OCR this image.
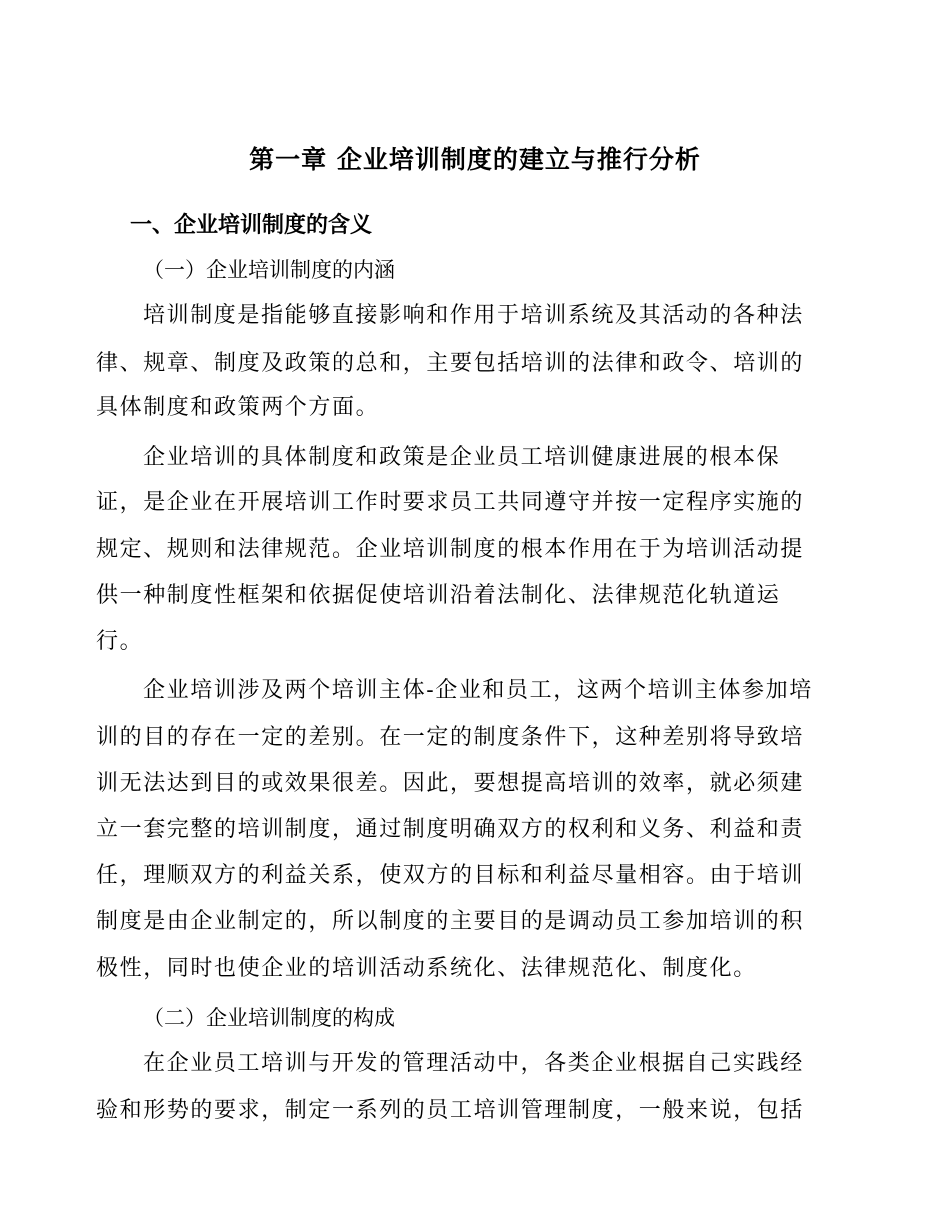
第一章 企业培训制度的建立与推行分析
一、企业培训制度的含义
（一）企业培训制度的内涵
培训制度是指能够直接影响和作用于培训系统及其活动的各种法
律、规章、制度及政策的总和，主要包括培训的法律和政令、培训的
具体制度和政策两个方面。
企业培训的具体制度和政策是企业员工培训健康进展的根本保
证，是企业在开展培训工作时要求员工共同遵守并按一定程序实施的
规定、规则和法律规范。企业培训制度的根本作用在于为培训活动提
供一种制度性框架和依据促使培训沿着法制化、法律规范化轨道运
行。
企业培训涉及两个培训主体-企业和员工，这两个培训主体参加培
训的目的存在一定的差别。在一定的制度条件下，这种差别将导致培
训无法达到目的或效果很差。因此，要想提高培训的效率，就必须建
立一套完整的培训制度，通过制度明确双方的权利和义务、利益和责
任，理顺双方的利益关系，使双方的目标和利益尽量相容。由于培训
制度是由企业制定的，所以制度的主要目的是调动员工参加培训的积
极性，同时也使企业的培训活动系统化、法律规范化、制度化。
（二）企业培训制度的构成
在企业员工培训与开发的管理活动中，各类企业根据自己实践经
验和形势的要求，制定一系列的员工培训管理制度，一般来说，包括
